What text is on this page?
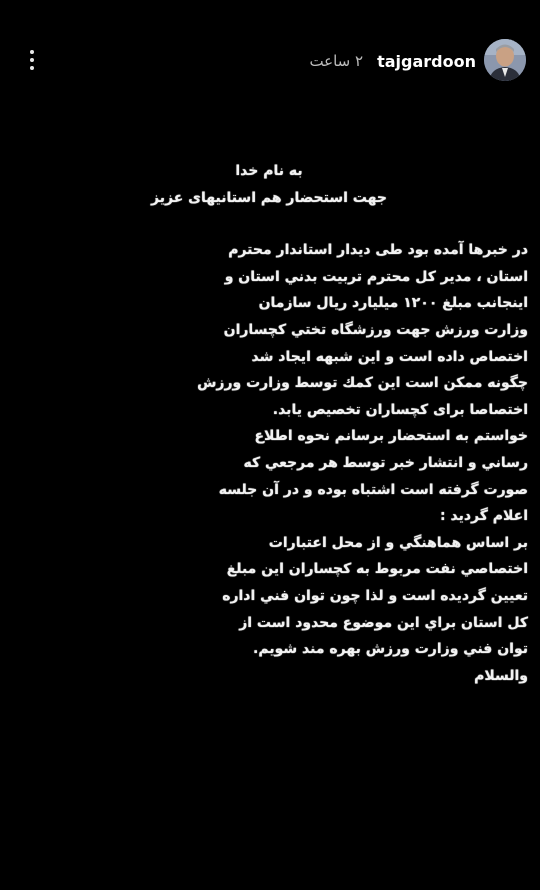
۲ ساعت tajgardoon
به نام خدا
جهت استحضار هم استانيهاى عزيز
در خبرها آمده بود طی دیدار استاندار محترم
استان ، مدير كل محترم تربيت بدني استان و
اينجانب مبلغ ۱۲۰۰ ميليارد ريال سازمان
وزارت ورزش جهت ورزشگاه تختي كچساران
اختصاص داده است و اين شبهه ايجاد شد
چگونه ممكن است اين كمك توسط وزارت ورزش
اختصاصا براى كچساران تخصيص يابد.
خواستم به استحضار برسانم نحوه اطلاع
رساني و انتشار خبر توسط هر مرجعي كه
صورت گرفته است اشتباه بوده و در آن جلسه
اعلام گرديد :
بر اساس هماهنگي و از محل اعتبارات
اختصاصي نفت مربوط به كچساران اين مبلغ
تعيين گرديده است و لذا چون توان فني اداره
كل استان براي اين موضوع محدود است از
توان فني وزارت ورزش بهره مند شويم.
والسلام
